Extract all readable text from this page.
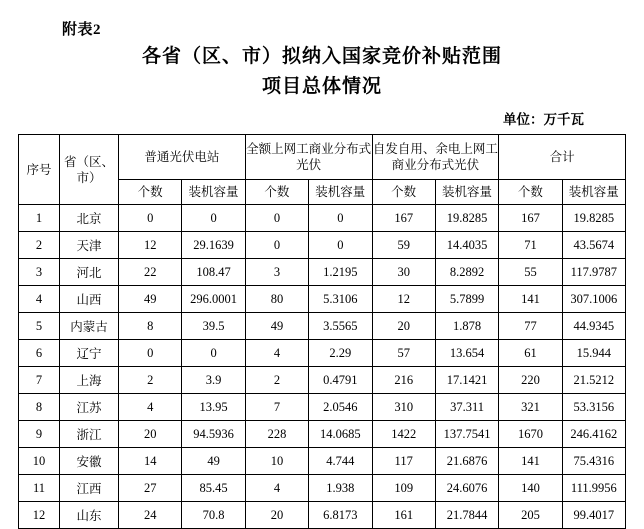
附表2
各省（区、市）拟纳入国家竞价补贴范围
项目总体情况
单位：万千瓦
序号	省（区、市）	普通光伏电站		全额上网工商业分布式光伏		自发自用、余电上网工商业分布式光伏		合计	
		个数	装机容量	个数	装机容量	个数	装机容量	个数	装机容量
1	北京	0	0	0	0	167	19.8285	167	19.8285
2	天津	12	29.1639	0	0	59	14.4035	71	43.5674
3	河北	22	108.47	3	1.2195	30	8.2892	55	117.9787
4	山西	49	296.0001	80	5.3106	12	5.7899	141	307.1006
5	内蒙古	8	39.5	49	3.5565	20	1.878	77	44.9345
6	辽宁	0	0	4	2.29	57	13.654	61	15.944
7	上海	2	3.9	2	0.4791	216	17.1421	220	21.5212
8	江苏	4	13.95	7	2.0546	310	37.311	321	53.3156
9	浙江	20	94.5936	228	14.0685	1422	137.7541	1670	246.4162
10	安徽	14	49	10	4.744	117	21.6876	141	75.4316
11	江西	27	85.45	4	1.938	109	24.6076	140	111.9956
12	山东	24	70.8	20	6.8173	161	21.7844	205	99.4017
